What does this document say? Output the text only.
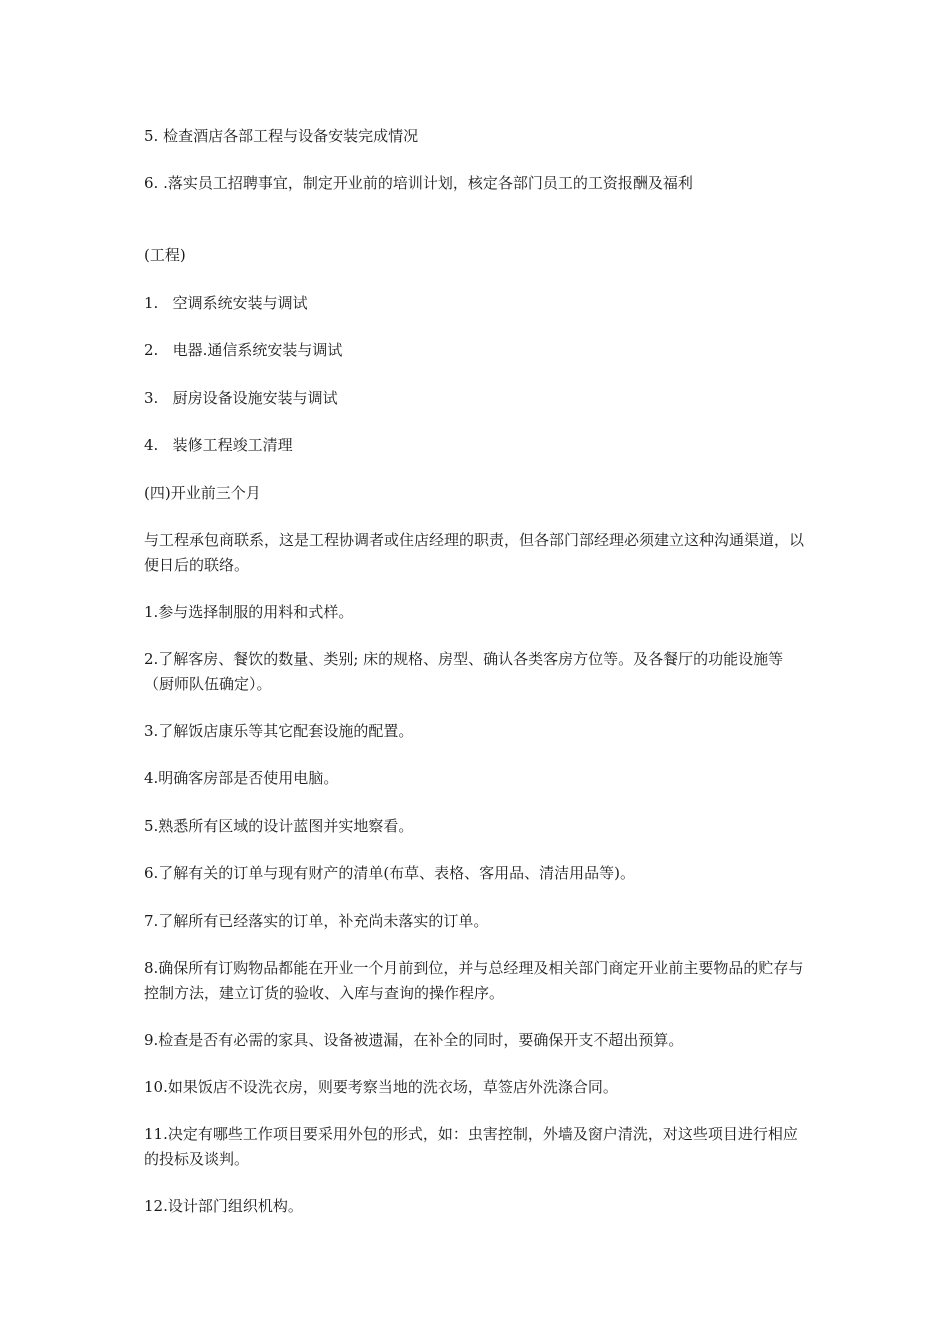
5. 检查酒店各部工程与设备安装完成情况

6. .落实员工招聘事宜，制定开业前的培训计划，核定各部门员工的工资报酬及福利

(工程)

1.   空调系统安装与调试

2.   电器.通信系统安装与调试

3.   厨房设备设施安装与调试

4.   装修工程竣工清理

(四)开业前三个月

与工程承包商联系，这是工程协调者或住店经理的职责，但各部门部经理必须建立这种沟通渠道，以便日后的联络。

1.参与选择制服的用料和式样。

2.了解客房、餐饮的数量、类别; 床的规格、房型、确认各类客房方位等。及各餐厅的功能设施等（厨师队伍确定）。

3.了解饭店康乐等其它配套设施的配置。

4.明确客房部是否使用电脑。

5.熟悉所有区域的设计蓝图并实地察看。

6.了解有关的订单与现有财产的清单(布草、表格、客用品、清洁用品等)。

7.了解所有已经落实的订单，补充尚未落实的订单。

8.确保所有订购物品都能在开业一个月前到位，并与总经理及相关部门商定开业前主要物品的贮存与控制方法，建立订货的验收、入库与查询的操作程序。

9.检查是否有必需的家具、设备被遗漏，在补全的同时，要确保开支不超出预算。

10.如果饭店不设洗衣房，则要考察当地的洗衣场，草签店外洗涤合同。

11.决定有哪些工作项目要采用外包的形式，如：虫害控制，外墙及窗户清洗，对这些项目进行相应的投标及谈判。

12.设计部门组织机构。
